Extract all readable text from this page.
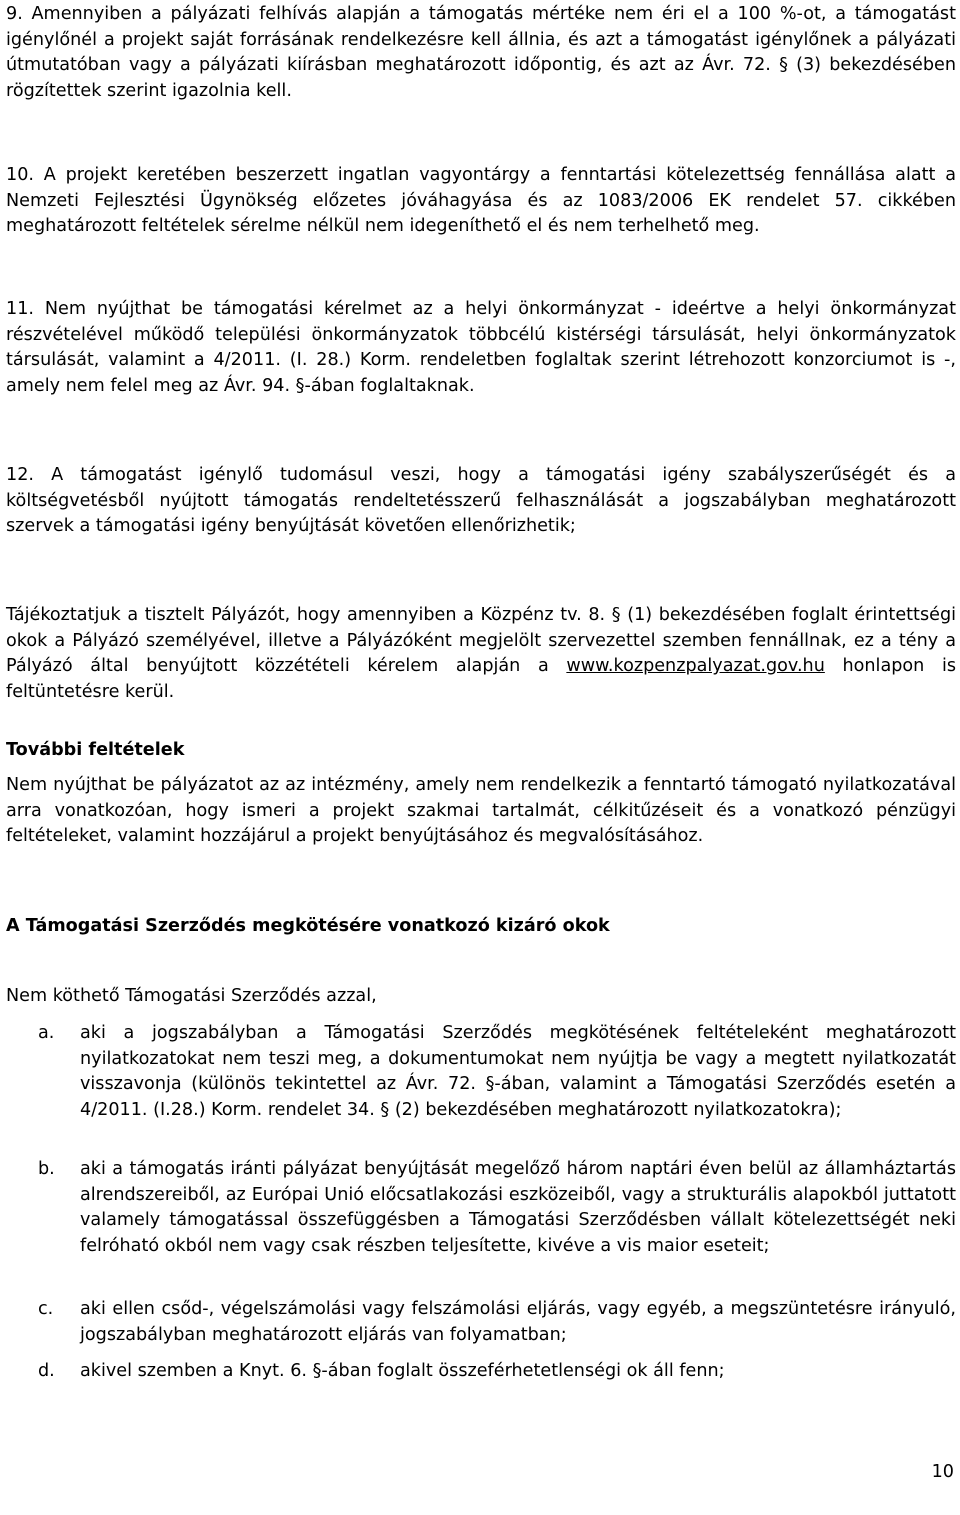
9. Amennyiben a pályázati felhívás alapján a támogatás mértéke nem éri el a 100 %-ot, a támogatást igénylőnél a projekt saját forrásának rendelkezésre kell állnia, és azt a támogatást igénylőnek a pályázati útmutatóban vagy a pályázati kiírásban meghatározott időpontig, és azt az Ávr. 72. § (3) bekezdésében rögzítettek szerint igazolnia kell.

10. A projekt keretében beszerzett ingatlan vagyontárgy a fenntartási kötelezettség fennállása alatt a Nemzeti Fejlesztési Ügynökség előzetes jóváhagyása és az 1083/2006 EK rendelet 57. cikkében meghatározott feltételek sérelme nélkül nem idegeníthető el és nem terhelhető meg.

11. Nem nyújthat be támogatási kérelmet az a helyi önkormányzat - ideértve a helyi önkormányzat részvételével működő települési önkormányzatok többcélú kistérségi társulását, helyi önkormányzatok társulását, valamint a 4/2011. (I. 28.) Korm. rendeletben foglaltak szerint létrehozott konzorciumot is -, amely nem felel meg az Ávr. 94. §-ában foglaltaknak.

12. A támogatást igénylő tudomásul veszi, hogy a támogatási igény szabályszerűségét és a költségvetésből nyújtott támogatás rendeltetésszerű felhasználását a jogszabályban meghatározott szervek a támogatási igény benyújtását követően ellenőrizhetik;

Tájékoztatjuk a tisztelt Pályázót, hogy amennyiben a Közpénz tv. 8. § (1) bekezdésében foglalt érintettségi okok a Pályázó személyével, illetve a Pályázóként megjelölt szervezettel szemben fennállnak, ez a tény a Pályázó által benyújtott közzétételi kérelem alapján a www.kozpenzpalyazat.gov.hu honlapon is feltüntetésre kerül.

További feltételek

Nem nyújthat be pályázatot az az intézmény, amely nem rendelkezik a fenntartó támogató nyilatkozatával arra vonatkozóan, hogy ismeri a projekt szakmai tartalmát, célkitűzéseit és a vonatkozó pénzügyi feltételeket, valamint hozzájárul a projekt benyújtásához és megvalósításához.

A Támogatási Szerződés megkötésére vonatkozó kizáró okok

Nem köthető Támogatási Szerződés azzal,

a. aki a jogszabályban a Támogatási Szerződés megkötésének feltételeként meghatározott nyilatkozatokat nem teszi meg, a dokumentumokat nem nyújtja be vagy a megtett nyilatkozatát visszavonja (különös tekintettel az Ávr. 72. §-ában, valamint a Támogatási Szerződés esetén a 4/2011. (I.28.) Korm. rendelet 34. § (2) bekezdésében meghatározott nyilatkozatokra);
b. aki a támogatás iránti pályázat benyújtását megelőző három naptári éven belül az államháztartás alrendszereiből, az Európai Unió előcsatlakozási eszközeiből, vagy a strukturális alapokból juttatott valamely támogatással összefüggésben a Támogatási Szerződésben vállalt kötelezettségét neki felróható okból nem vagy csak részben teljesítette, kivéve a vis maior eseteit;
c. aki ellen csőd-, végelszámolási vagy felszámolási eljárás, vagy egyéb, a megszüntetésre irányuló, jogszabályban meghatározott eljárás van folyamatban;
d. akivel szemben a Knyt. 6. §-ában foglalt összeférhetetlenségi ok áll fenn;
10
